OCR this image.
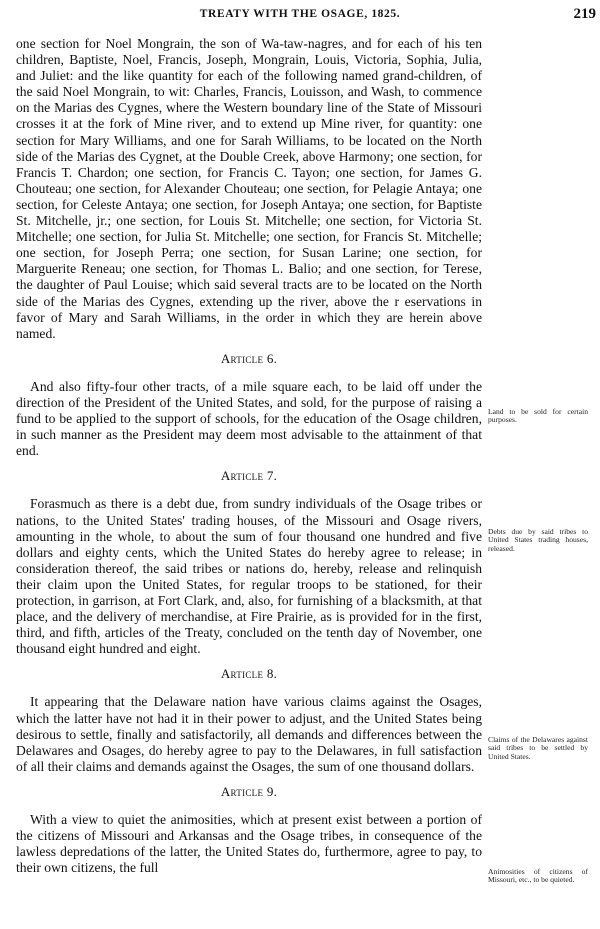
TREATY WITH THE OSAGE, 1825.	219

one section for Noel Mongrain, the son of Wa-taw-nagres, and for each of his ten children, Baptiste, Noel, Francis, Joseph, Mongrain, Louis, Victoria, Sophia, Julia, and Juliet: and the like quantity for each of the following named grand-children, of the said Noel Mongrain, to wit: Charles, Francis, Louisson, and Wash, to commence on the Marias des Cygnes, where the Western boundary line of the State of Missouri crosses it at the fork of Mine river, and to extend up Mine river, for quantity: one section for Mary Williams, and one for Sarah Williams, to be located on the North side of the Marias des Cygnet, at the Double Creek, above Harmony; one section, for Francis T. Chardon; one section, for Francis C. Tayon; one section, for James G. Chouteau; one section, for Alexander Chouteau; one section, for Pelagie Antaya; one section, for Celeste Antaya; one section, for Joseph Antaya; one section, for Baptiste St. Mitchelle, jr.; one section, for Louis St. Mitchelle; one section, for Victoria St. Mitchelle; one section, for Julia St. Mitchelle; one section, for Francis St. Mitchelle; one section, for Joseph Perra; one section, for Susan Larine; one section, for Marguerite Reneau; one section, for Thomas L. Balio; and one section, for Terese, the daughter of Paul Louise; which said several tracts are to be located on the North side of the Marias des Cygnes, extending up the river, above the r eservations in favor of Mary and Sarah Williams, in the order in which they are herein above named.

Article 6.

And also fifty-four other tracts, of a mile square each, to be laid off under the direction of the President of the United States, and sold, for the purpose of raising a fund to be applied to the support of schools, for the education of the Osage children, in such manner as the President may deem most advisable to the attainment of that end.

Article 7.

Forasmuch as there is a debt due, from sundry individuals of the Osage tribes or nations, to the United States' trading houses, of the Missouri and Osage rivers, amounting in the whole, to about the sum of four thousand one hundred and five dollars and eighty cents, which the United States do hereby agree to release; in consideration thereof, the said tribes or nations do, hereby, release and relinquish their claim upon the United States, for regular troops to be stationed, for their protection, in garrison, at Fort Clark, and, also, for furnishing of a blacksmith, at that place, and the delivery of merchandise, at Fire Prairie, as is provided for in the first, third, and fifth, articles of the Treaty, concluded on the tenth day of November, one thousand eight hundred and eight.

Article 8.

It appearing that the Delaware nation have various claims against the Osages, which the latter have not had it in their power to adjust, and the United States being desirous to settle, finally and satisfactorily, all demands and differences between the Delawares and Osages, do hereby agree to pay to the Delawares, in full satisfaction of all their claims and demands against the Osages, the sum of one thousand dollars.

Article 9.

With a view to quiet the animosities, which at present exist between a portion of the citizens of Missouri and Arkansas and the Osage tribes, in consequence of the lawless depredations of the latter, the United States do, furthermore, agree to pay, to their own citizens, the full

Land to be sold for certain purposes.
Debts due by said tribes to United States trading houses, released.
Claims of the Delawares against said tribes to be settled by United States.
Animosities of citizens of Missouri, etc., to be quieted.
